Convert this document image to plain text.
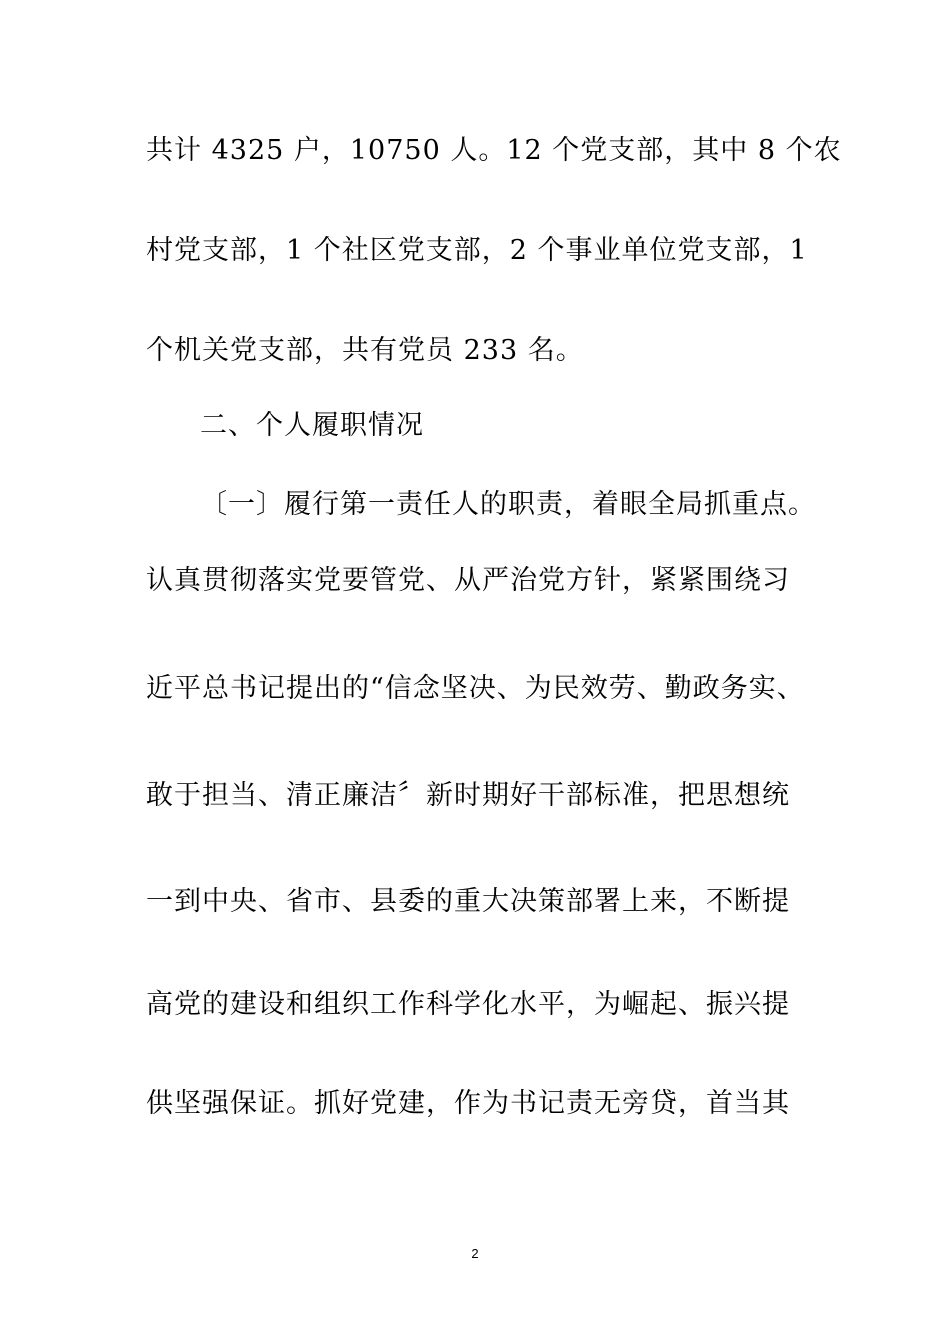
共计 4325 户，10750 人。12 个党支部，其中 8 个农
村党支部，1 个社区党支部，2 个事业单位党支部，1
个机关党支部，共有党员 233 名。
二、个人履职情况
〔一〕履行第一责任人的职责，着眼全局抓重点。
认真贯彻落实党要管党、从严治党方针，紧紧围绕习
近平总书记提出的“信念坚决、为民效劳、勤政务实、
敢于担当、清正廉洁〞新时期好干部标准，把思想统
一到中央、省市、县委的重大决策部署上来，不断提
高党的建设和组织工作科学化水平，为崛起、振兴提
供坚强保证。抓好党建，作为书记责无旁贷，首当其
2
